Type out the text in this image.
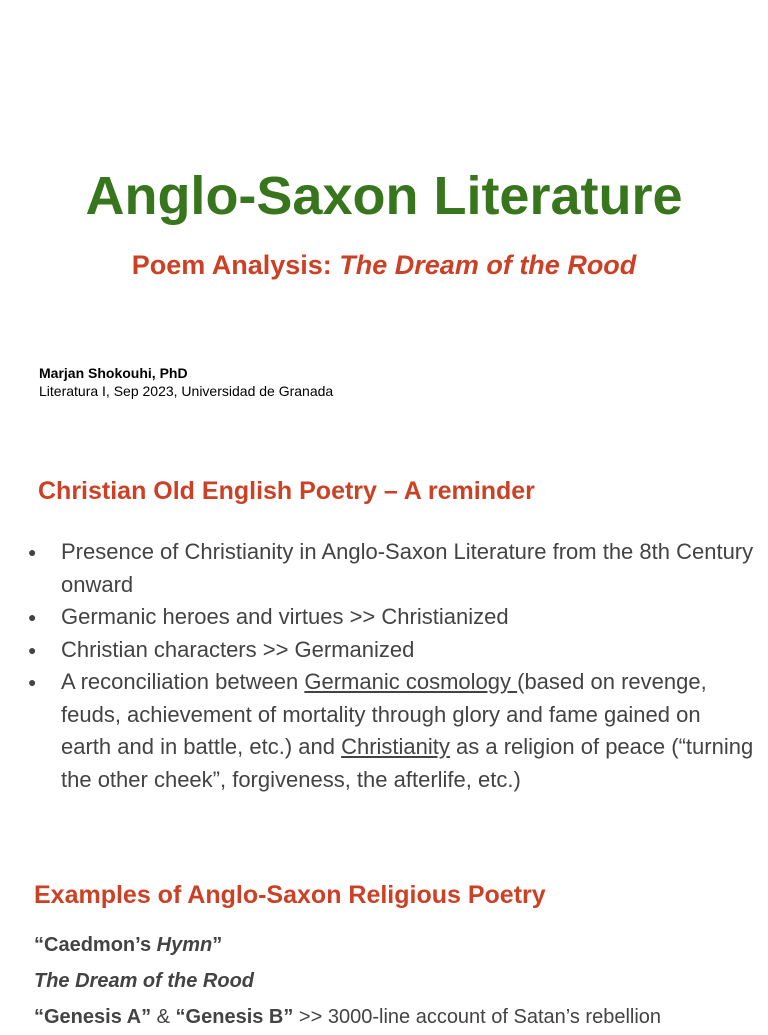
Anglo-Saxon Literature

Poem Analysis: The Dream of the Rood

Marjan Shokouhi, PhD
Literatura I, Sep 2023, Universidad de Granada
Christian Old English Poetry – A reminder
● Presence of Christianity in Anglo-Saxon Literature from the 8th Century onward
● Germanic heroes and virtues >> Christianized
● Christian characters >> Germanized
● A reconciliation between Germanic cosmology (based on revenge, feuds, achievement of mortality through glory and fame gained on earth and in battle, etc.) and Christianity as a religion of peace (“turning the other cheek”, forgiveness, the afterlife, etc.)
Examples of Anglo-Saxon Religious Poetry
“Caedmon’s Hymn”
The Dream of the Rood
“Genesis A” & “Genesis B” >> 3000-line account of Satan’s rebellion
